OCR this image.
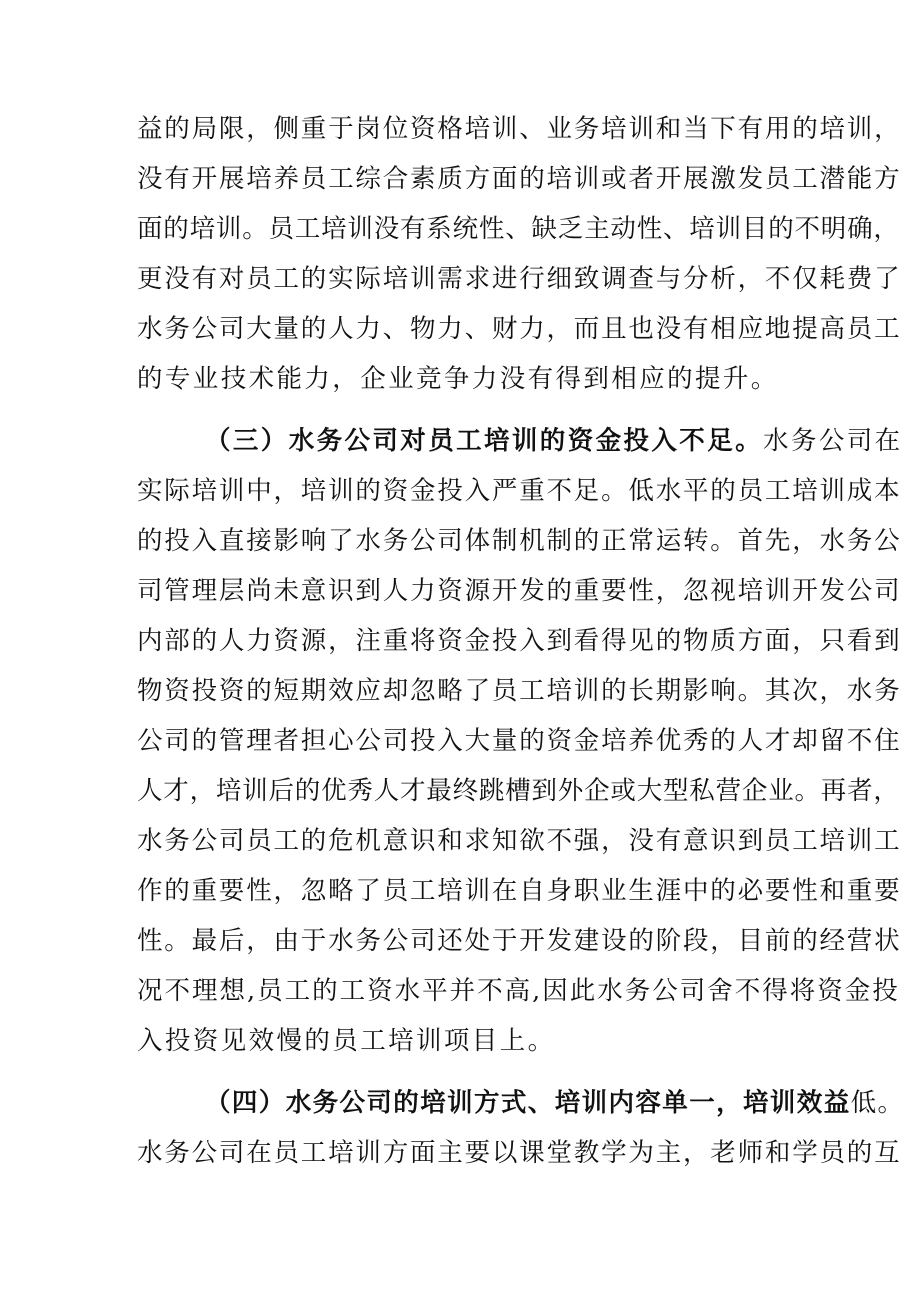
益的局限，侧重于岗位资格培训、业务培训和当下有用的培训，
没有开展培养员工综合素质方面的培训或者开展激发员工潜能方
面的培训。员工培训没有系统性、缺乏主动性、培训目的不明确，
更没有对员工的实际培训需求进行细致调查与分析，不仅耗费了
水务公司大量的人力、物力、财力，而且也没有相应地提高员工
的专业技术能力，企业竞争力没有得到相应的提升。
（三）水务公司对员工培训的资金投入不足。水务公司在
实际培训中，培训的资金投入严重不足。低水平的员工培训成本
的投入直接影响了水务公司体制机制的正常运转。首先，水务公
司管理层尚未意识到人力资源开发的重要性，忽视培训开发公司
内部的人力资源，注重将资金投入到看得见的物质方面，只看到
物资投资的短期效应却忽略了员工培训的长期影响。其次，水务
公司的管理者担心公司投入大量的资金培养优秀的人才却留不住
人才，培训后的优秀人才最终跳槽到外企或大型私营企业。再者，
水务公司员工的危机意识和求知欲不强，没有意识到员工培训工
作的重要性，忽略了员工培训在自身职业生涯中的必要性和重要
性。最后，由于水务公司还处于开发建设的阶段，目前的经营状
况不理想,员工的工资水平并不高,因此水务公司舍不得将资金投
入投资见效慢的员工培训项目上。
（四）水务公司的培训方式、培训内容单一，培训效益低。
水务公司在员工培训方面主要以课堂教学为主，老师和学员的互
